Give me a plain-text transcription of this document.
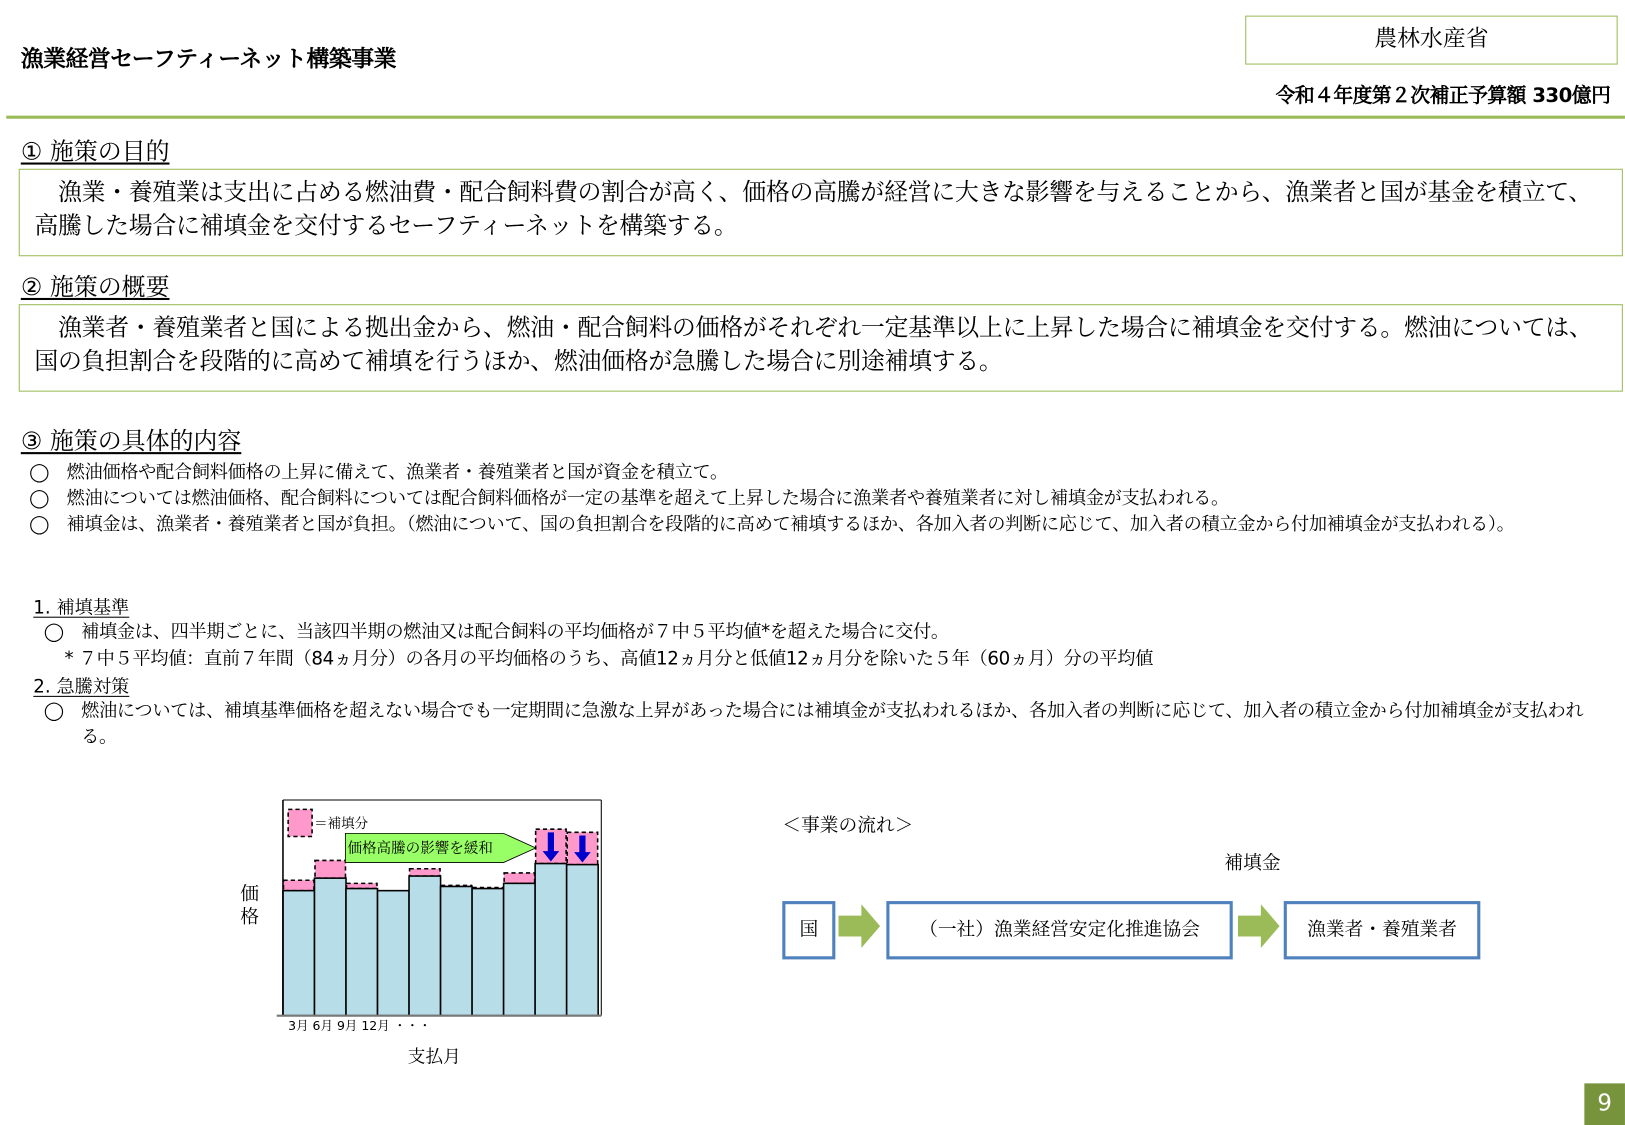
漁業経営セーフティーネット構築事業
農林水産省
令和４年度第２次補正予算額 330億円
① 施策の目的
　漁業・養殖業は支出に占める燃油費・配合飼料費の割合が高く、価格の高騰が経営に大きな影響を与えることから、漁業者と国が基金を積立て、高騰した場合に補填金を交付するセーフティーネットを構築する。
② 施策の概要
　漁業者・養殖業者と国による拠出金から、燃油・配合飼料の価格がそれぞれ一定基準以上に上昇した場合に補填金を交付する。燃油については、国の負担割合を段階的に高めて補填を行うほか、燃油価格が急騰した場合に別途補填する。
③ 施策の具体的内容
◯ 燃油価格や配合飼料価格の上昇に備えて、漁業者・養殖業者と国が資金を積立て。
◯ 燃油については燃油価格、配合飼料については配合飼料価格が一定の基準を超えて上昇した場合に漁業者や養殖業者に対し補填金が支払われる。
◯ 補填金は、漁業者・養殖業者と国が負担。（燃油について、国の負担割合を段階的に高めて補填するほか、各加入者の判断に応じて、加入者の積立金から付加補填金が支払われる）。
1. 補填基準
◯ 補填金は、四半期ごとに、当該四半期の燃油又は配合飼料の平均価格が７中５平均値*を超えた場合に交付。
* ７中５平均値：直前７年間（84ヵ月分）の各月の平均価格のうち、高値12ヵ月分と低値12ヵ月分を除いた５年（60ヵ月）分の平均値
2. 急騰対策
◯ 燃油については、補填基準価格を超えない場合でも一定期間に急激な上昇があった場合には補填金が支払われるほか、各加入者の判断に応じて、加入者の積立金から付加補填金が支払われる。
価格
＝補填分
価格高騰の影響を緩和
3月 6月 9月 12月 ・・・
支払月
＜事業の流れ＞
補填金
国	（一社）漁業経営安定化推進協会	漁業者・養殖業者
9
